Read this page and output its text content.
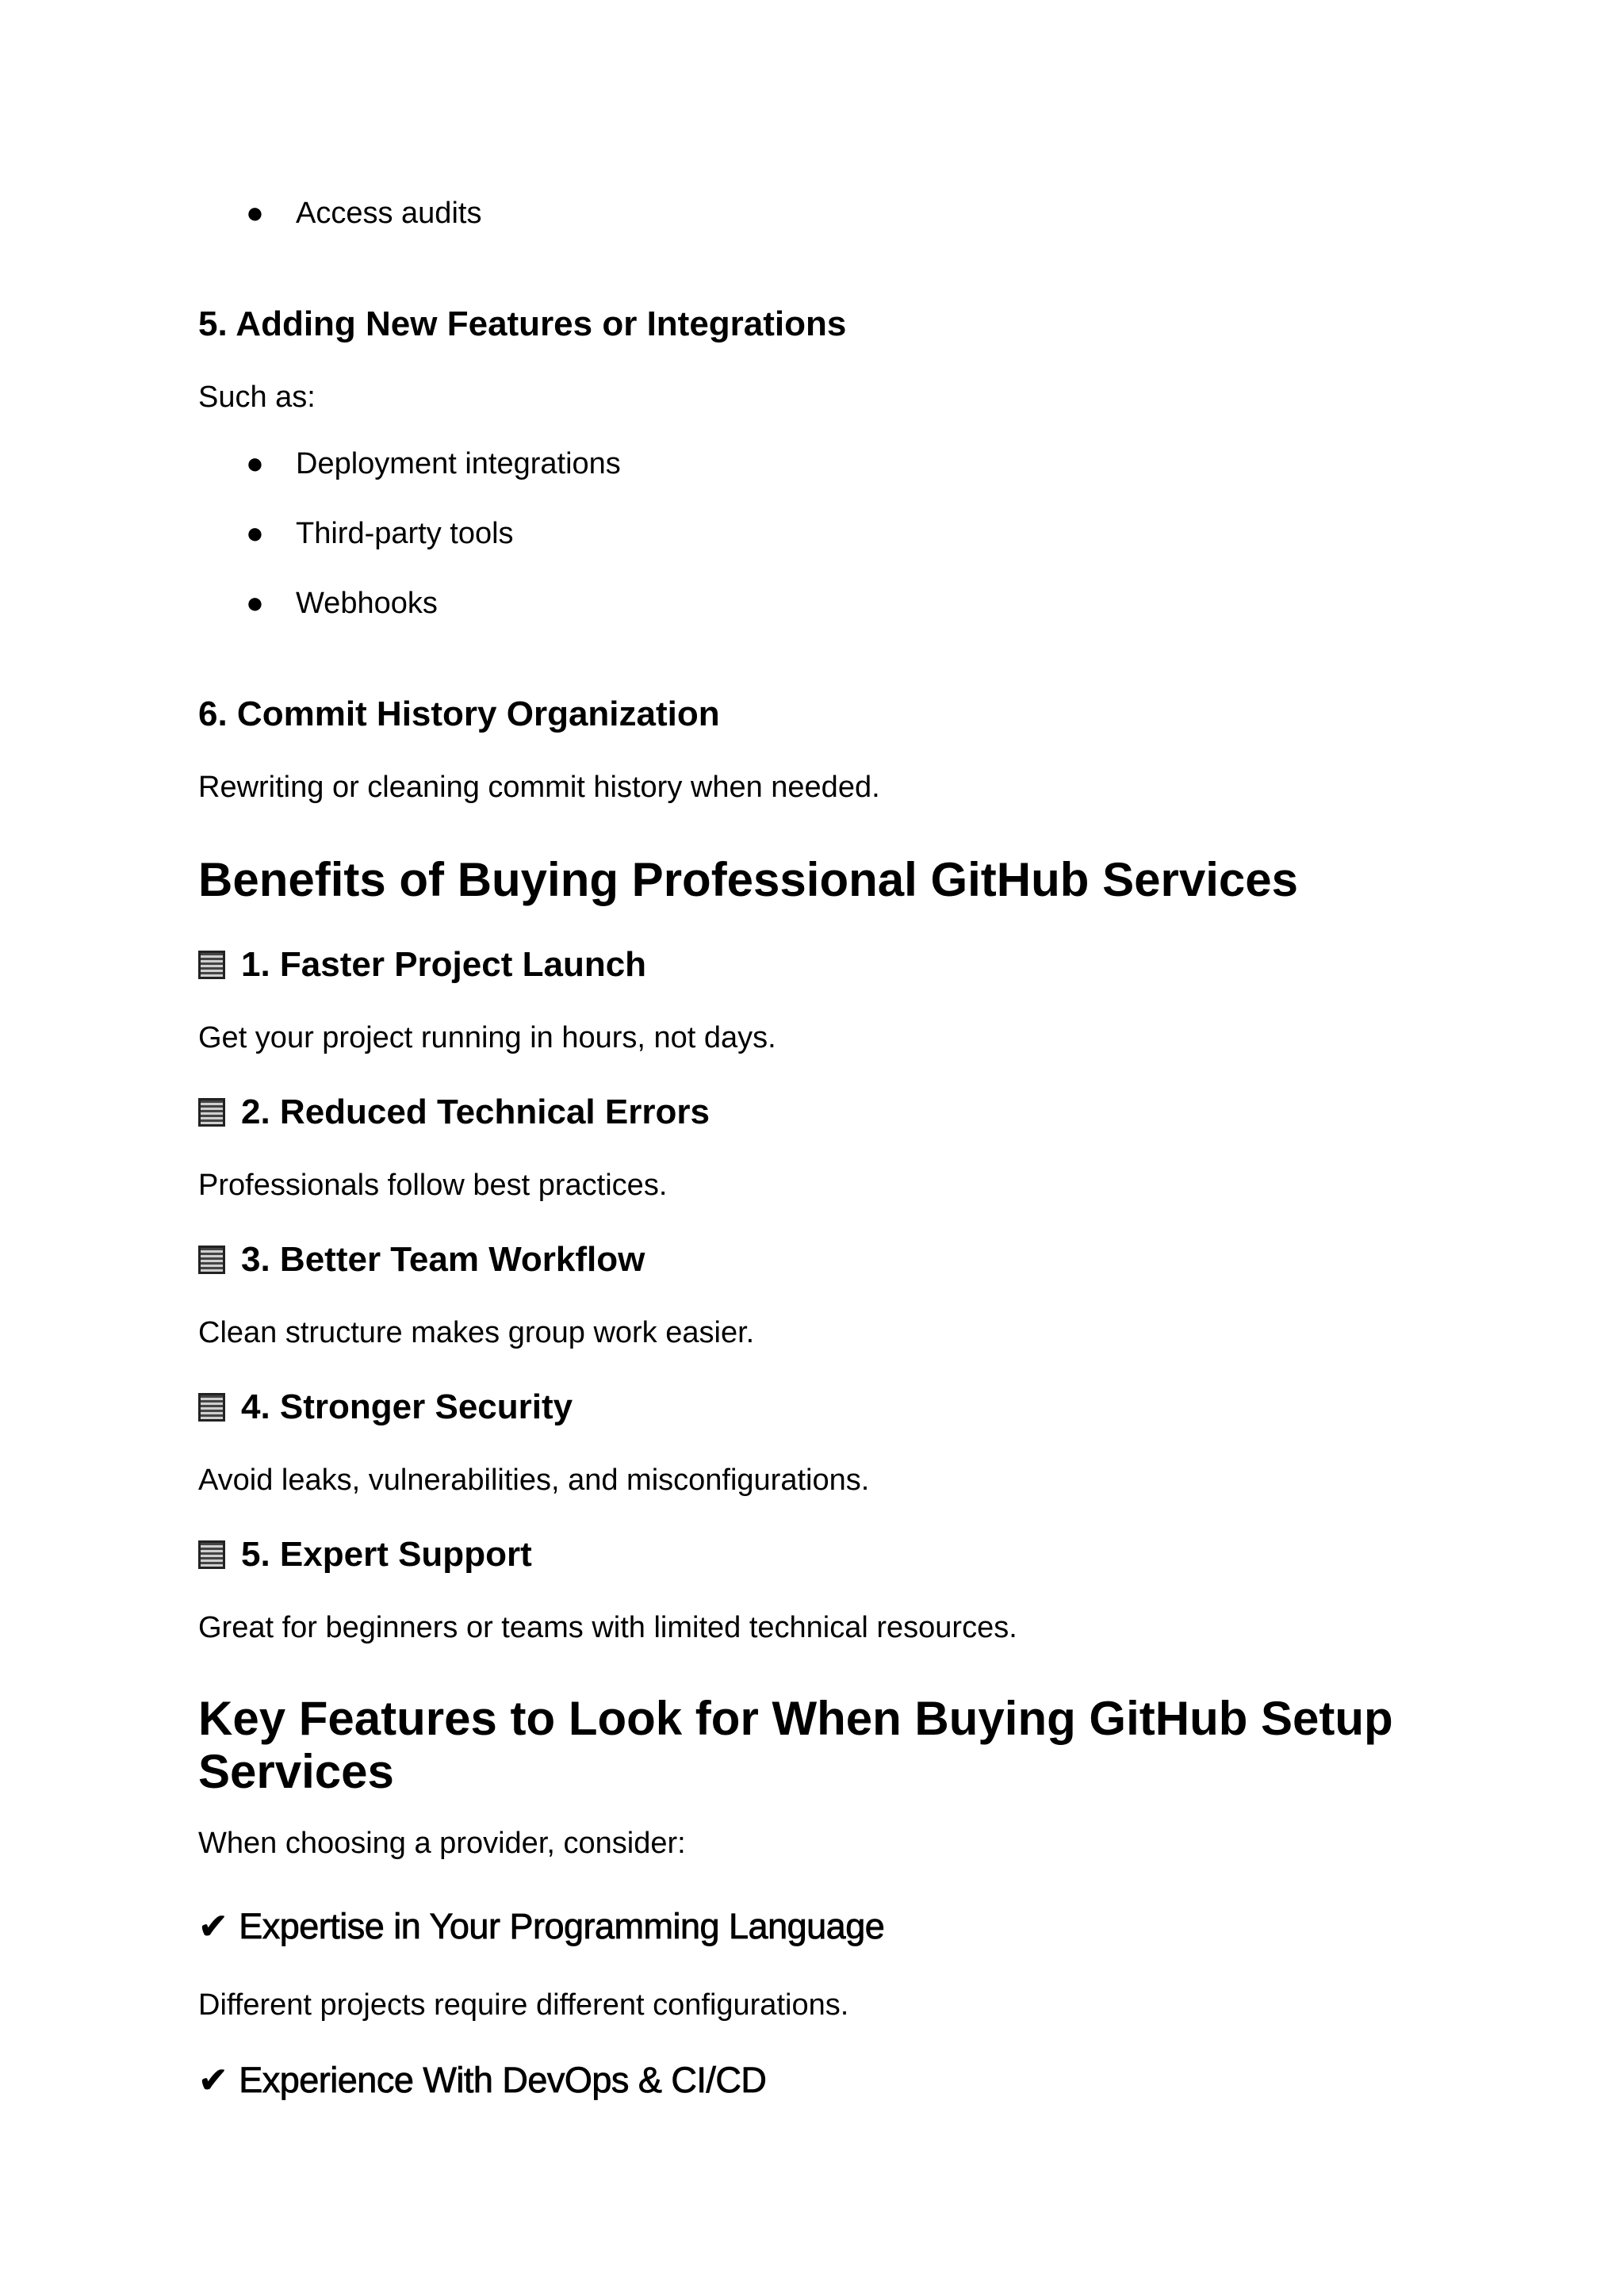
● Access audits
5. Adding New Features or Integrations
Such as:
● Deployment integrations
● Third-party tools
● Webhooks
6. Commit History Organization
Rewriting or cleaning commit history when needed.
Benefits of Buying Professional GitHub Services
1. Faster Project Launch
Get your project running in hours, not days.
2. Reduced Technical Errors
Professionals follow best practices.
3. Better Team Workflow
Clean structure makes group work easier.
4. Stronger Security
Avoid leaks, vulnerabilities, and misconfigurations.
5. Expert Support
Great for beginners or teams with limited technical resources.
Key Features to Look for When Buying GitHub Setup
Services
When choosing a provider, consider:
✔ Expertise in Your Programming Language
Different projects require different configurations.
✔ Experience With DevOps & CI/CD
